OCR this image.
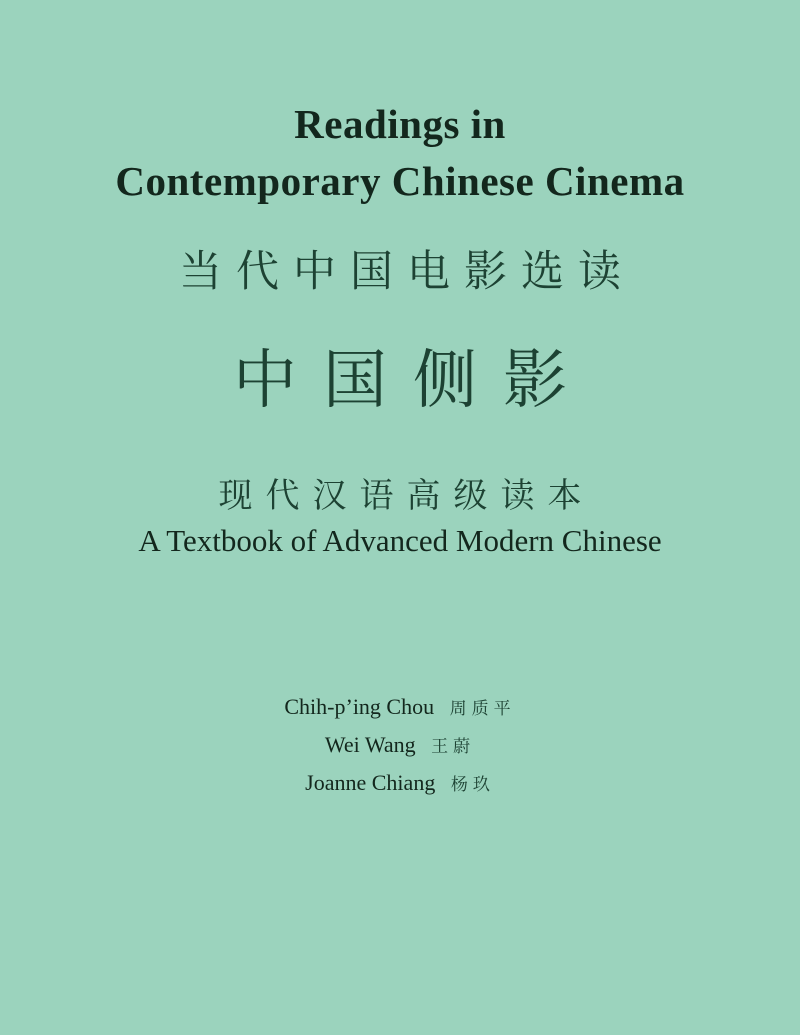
Readings in
Contemporary Chinese Cinema
当代中国电影选读
中国侧影
现代汉语高级读本
A Textbook of Advanced Modern Chinese
Chih-p’ing Chou 周质平
Wei Wang 王蔚
Joanne Chiang 杨玖
